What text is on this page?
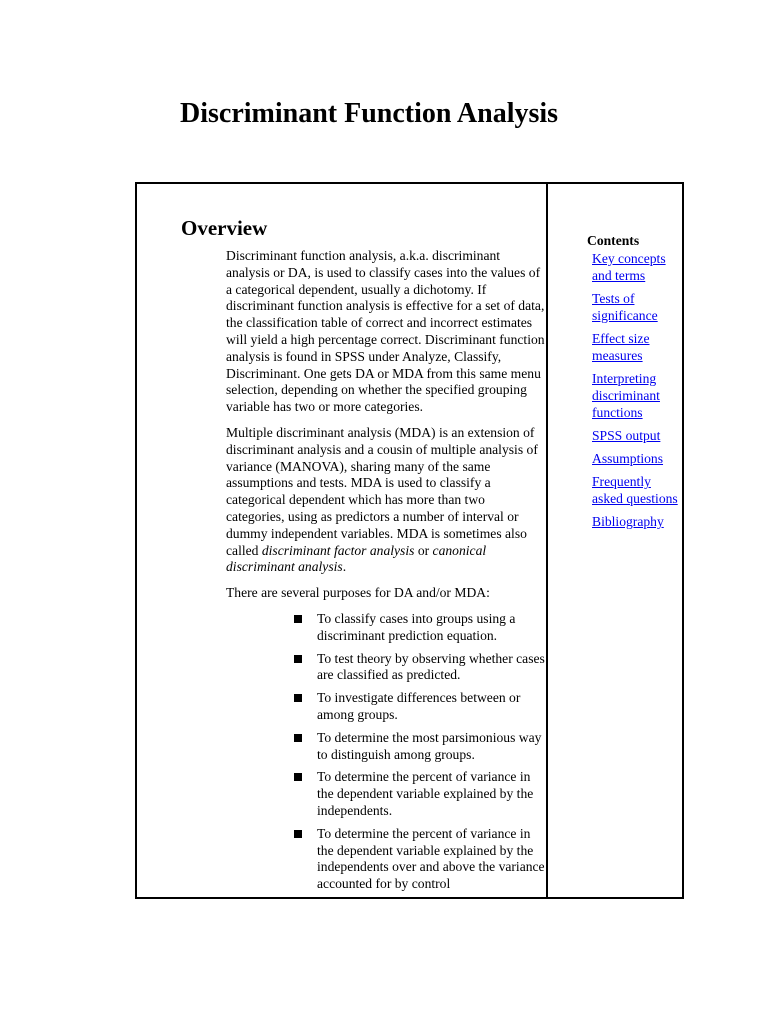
Discriminant Function Analysis
Overview

Discriminant function analysis, a.k.a. discriminant analysis or DA, is used to classify cases into the values of a categorical dependent, usually a dichotomy. If discriminant function analysis is effective for a set of data, the classification table of correct and incorrect estimates will yield a high percentage correct. Discriminant function analysis is found in SPSS under Analyze, Classify, Discriminant. One gets DA or MDA from this same menu selection, depending on whether the specified grouping variable has two or more categories.

Multiple discriminant analysis (MDA) is an extension of discriminant analysis and a cousin of multiple analysis of variance (MANOVA), sharing many of the same assumptions and tests. MDA is used to classify a categorical dependent which has more than two categories, using as predictors a number of interval or dummy independent variables. MDA is sometimes also called discriminant factor analysis or canonical discriminant analysis.

There are several purposes for DA and/or MDA:

To classify cases into groups using a discriminant prediction equation.
To test theory by observing whether cases are classified as predicted.
To investigate differences between or among groups.
To determine the most parsimonious way to distinguish among groups.
To determine the percent of variance in the dependent variable explained by the independents.
To determine the percent of variance in the dependent variable explained by the independents over and above the variance accounted for by control
Contents
Key concepts and terms
Tests of significance
Effect size measures
Interpreting discriminant functions
SPSS output
Assumptions
Frequently asked questions
Bibliography
